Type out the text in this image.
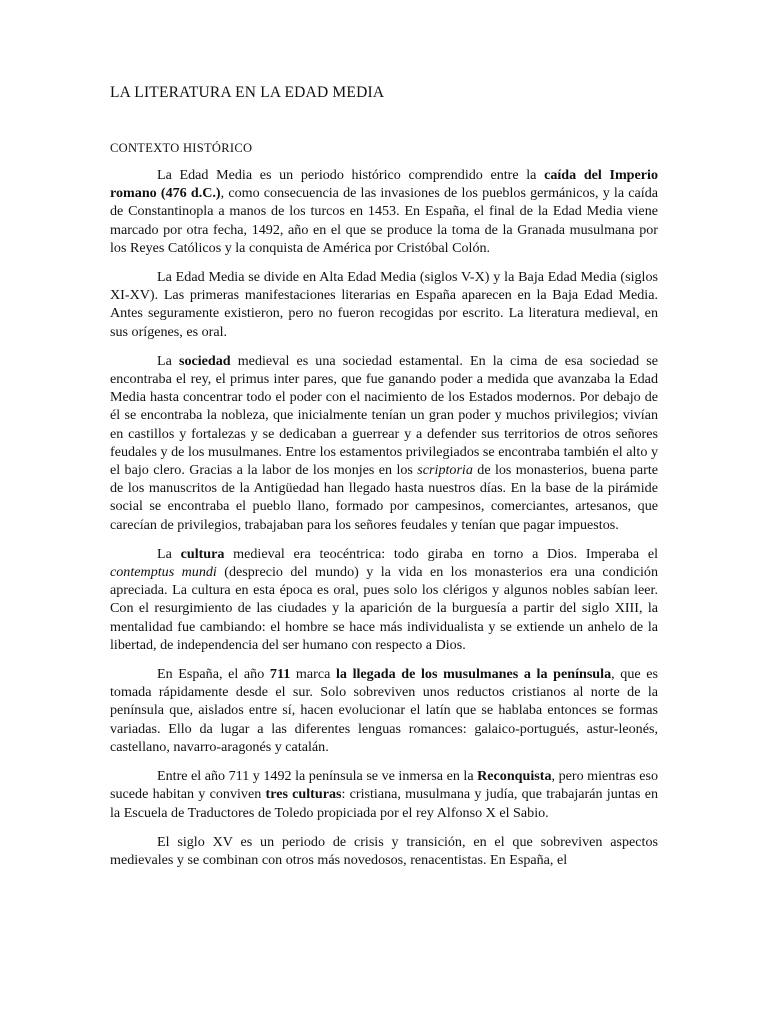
LA LITERATURA EN LA EDAD MEDIA
CONTEXTO HISTÓRICO

La Edad Media es un periodo histórico comprendido entre la caída del Imperio romano (476 d.C.), como consecuencia de las invasiones de los pueblos germánicos, y la caída de Constantinopla a manos de los turcos en 1453. En España, el final de la Edad Media viene marcado por otra fecha, 1492, año en el que se produce la toma de la Granada musulmana por los Reyes Católicos y la conquista de América por Cristóbal Colón.

La Edad Media se divide en Alta Edad Media (siglos V-X) y la Baja Edad Media (siglos XI-XV). Las primeras manifestaciones literarias en España aparecen en la Baja Edad Media. Antes seguramente existieron, pero no fueron recogidas por escrito. La literatura medieval, en sus orígenes, es oral.

La sociedad medieval es una sociedad estamental. En la cima de esa sociedad se encontraba el rey, el primus inter pares, que fue ganando poder a medida que avanzaba la Edad Media hasta concentrar todo el poder con el nacimiento de los Estados modernos. Por debajo de él se encontraba la nobleza, que inicialmente tenían un gran poder y muchos privilegios; vivían en castillos y fortalezas y se dedicaban a guerrear y a defender sus territorios de otros señores feudales y de los musulmanes. Entre los estamentos privilegiados se encontraba también el alto y el bajo clero. Gracias a la labor de los monjes en los scriptoria de los monasterios, buena parte de los manuscritos de la Antigüedad han llegado hasta nuestros días. En la base de la pirámide social se encontraba el pueblo llano, formado por campesinos, comerciantes, artesanos, que carecían de privilegios, trabajaban para los señores feudales y tenían que pagar impuestos.

La cultura medieval era teocéntrica: todo giraba en torno a Dios. Imperaba el contemptus mundi (desprecio del mundo) y la vida en los monasterios era una condición apreciada. La cultura en esta época es oral, pues solo los clérigos y algunos nobles sabían leer. Con el resurgimiento de las ciudades y la aparición de la burguesía a partir del siglo XIII, la mentalidad fue cambiando: el hombre se hace más individualista y se extiende un anhelo de la libertad, de independencia del ser humano con respecto a Dios.

En España, el año 711 marca la llegada de los musulmanes a la península, que es tomada rápidamente desde el sur. Solo sobreviven unos reductos cristianos al norte de la península que, aislados entre sí, hacen evolucionar el latín que se hablaba entonces se formas variadas. Ello da lugar a las diferentes lenguas romances: galaico-portugués, astur-leonés, castellano, navarro-aragonés y catalán.

Entre el año 711 y 1492 la península se ve inmersa en la Reconquista, pero mientras eso sucede habitan y conviven tres culturas: cristiana, musulmana y judía, que trabajarán juntas en la Escuela de Traductores de Toledo propiciada por el rey Alfonso X el Sabio.

El siglo XV es un periodo de crisis y transición, en el que sobreviven aspectos medievales y se combinan con otros más novedosos, renacentistas. En España, el
